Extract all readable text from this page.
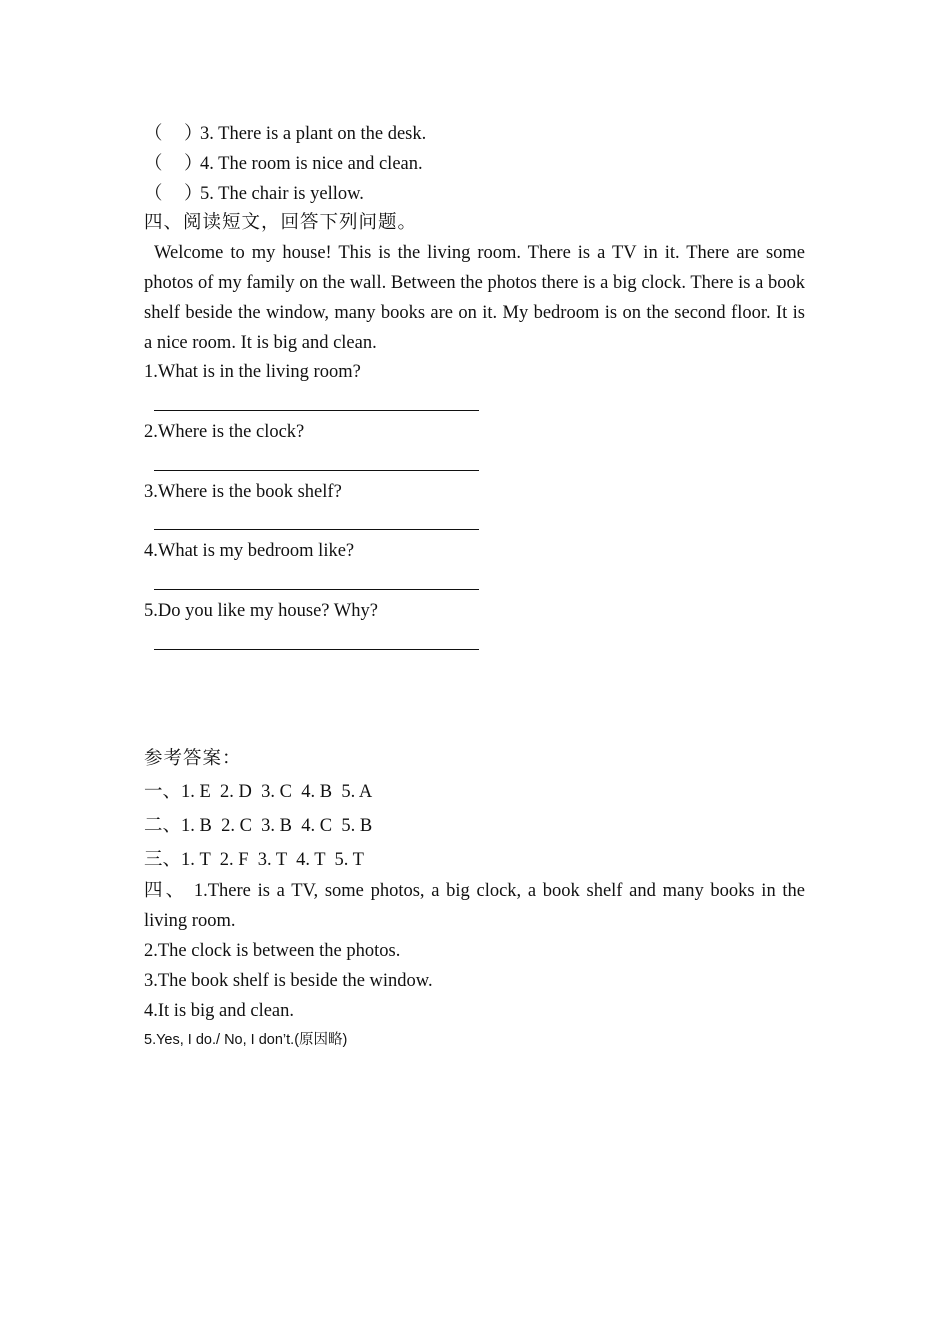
（ ）3. There is a plant on the desk.
（ ）4. The room is nice and clean.
（ ）5. The chair is yellow.
四、阅读短文，回答下列问题。
Welcome to my house! This is the living room. There is a TV in it. There are some photos of my family on the wall. Between the photos there is a big clock. There is a book shelf beside the window, many books are on it. My bedroom is on the second floor. It is a nice room. It is big and clean.
1.What is in the living room?
2.Where is the clock?
3.Where is the book shelf?
4.What is my bedroom like?
5.Do you like my house? Why?
参考答案：
一、1. E  2. D  3. C  4. B  5. A
二、1. B  2. C  3. B  4. C  5. B
三、1. T  2. F  3. T  4. T  5. T
四、 1.There is a TV, some photos, a big clock, a book shelf and many books in the living room.
2.The clock is between the photos.
3.The book shelf is beside the window.
4.It is big and clean.
5.Yes, I do./ No, I don’t.(原因略)
